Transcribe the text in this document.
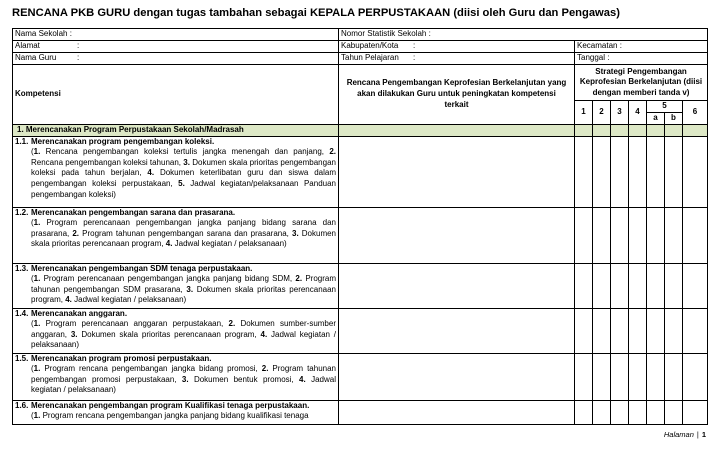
RENCANA PKB GURU dengan tugas tambahan sebagai KEPALA PERPUSTAKAAN (diisi oleh Guru dan Pengawas)
Nama Sekolah :	Nomor Statistik Sekolah :							
Alamat :	Kabupaten/Kota :	Kecamatan :						
Nama Guru :	Tahun Pelajaran :	Tanggal :						
Kompetensi	Rencana Pengembangan Keprofesian Berkelanjutan yang akan dilakukan Guru untuk peningkatan kompetensi terkait	Strategi Pengembangan Keprofesian Berkelanjutan (diisi dengan memberi tanda v)						
		1	2	3	4	5		6
						a	b	
1. Merencanakan Program Perpustakaan Sekolah/Madrasah								

1.1. Merencanakan program pengembangan koleksi.
(1. Rencana pengembangan koleksi tertulis jangka menengah dan panjang, 2. Rencana pengembangan koleksi tahunan, 3. Dokumen skala prioritas pengembangan koleksi pada tahun berjalan, 4. Dokumen keterlibatan guru dan siswa dalam pengembangan koleksi perpustakaan, 5. Jadwal kegiatan/pelaksanaan Panduan pengembangan koleksi)								

1.2. Merencanakan pengembangan sarana dan prasarana.
(1. Program perencanaan pengembangan jangka panjang bidang sarana dan prasarana, 2. Program tahunan pengembangan sarana dan prasarana, 3. Dokumen skala prioritas perencanaan program, 4. Jadwal kegiatan / pelaksanaan)								

1.3. Merencanakan pengembangan SDM tenaga perpustakaan.
(1. Program perencanaan pengembangan jangka panjang bidang SDM, 2. Program tahunan pengembangan SDM prasarana, 3. Dokumen skala prioritas perencanaan program, 4. Jadwal kegiatan / pelaksanaan)								

1.4. Merencanakan anggaran.
(1. Program perencanaan anggaran perpustakaan, 2. Dokumen sumber-sumber anggaran, 3. Dokumen skala prioritas perencanaan program, 4. Jadwal kegiatan / pelaksanaan)								

1.5. Merencanakan program promosi perpustakaan.
(1. Program rencana pengembangan jangka bidang promosi, 2. Program tahunan pengembangan promosi perpustakaan, 3. Dokumen bentuk promosi, 4. Jadwal kegiatan / pelaksanaan)								

1.6. Merencanakan pengembangan program Kualifikasi tenaga perpustakaan.
(1. Program rencana pengembangan jangka panjang bidang kualifikasi tenaga								

Halaman | 1
